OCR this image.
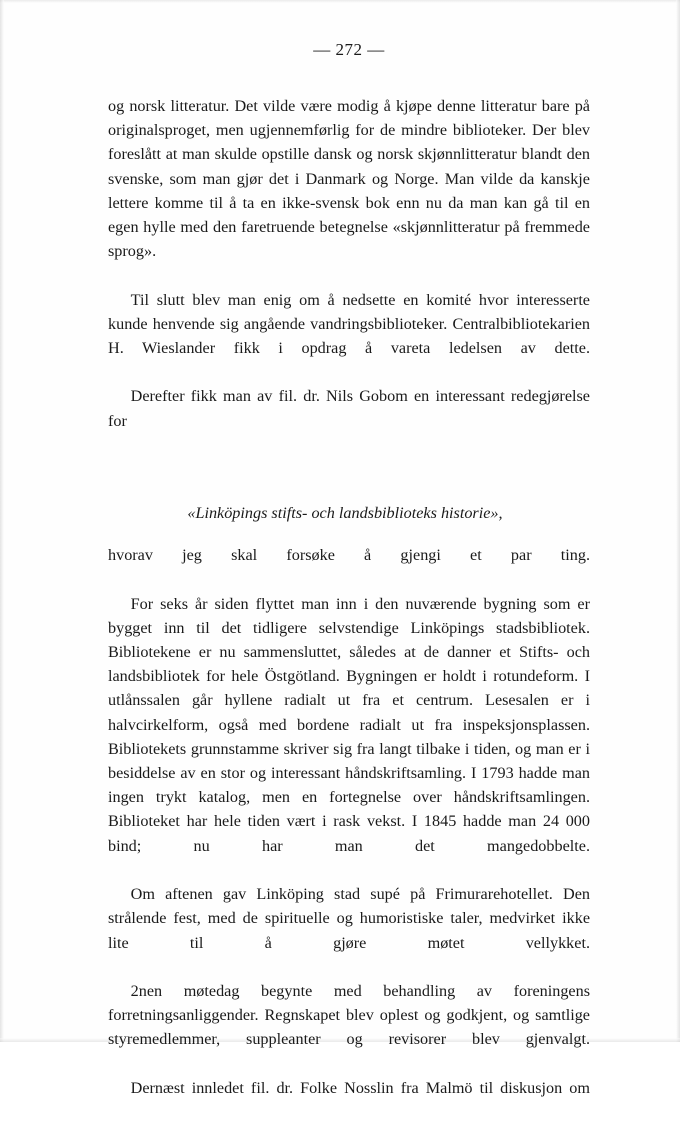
— 272 —

og norsk litteratur. Det vilde være modig å kjøpe denne litteratur bare på originalsproget, men ugjennemførlig for de mindre biblioteker. Der blev foreslått at man skulde opstille dansk og norsk skjønnlitteratur blandt den svenske, som man gjør det i Danmark og Norge. Man vilde da kanskje lettere komme til å ta en ikke-svensk bok enn nu da man kan gå til en egen hylle med den faretruende betegnelse «skjønnlitteratur på fremmede sprog».

Til slutt blev man enig om å nedsette en komité hvor interesserte kunde henvende sig angående vandringsbiblioteker. Centralbibliotekarien H. Wieslander fikk i opdrag å vareta ledelsen av dette.

Derefter fikk man av fil. dr. Nils Gobom en interessant redegjørelse for

«Linköpings stifts- och landsbiblioteks historie»,

hvorav jeg skal forsøke å gjengi et par ting.

For seks år siden flyttet man inn i den nuværende bygning som er bygget inn til det tidligere selvstendige Linköpings stadsbibliotek. Bibliotekene er nu sammensluttet, således at de danner et Stifts- och landsbibliotek for hele Östgötland. Bygningen er holdt i rotundeform. I utlånssalen går hyllene radialt ut fra et centrum. Lesesalen er i halvcirkelform, også med bordene radialt ut fra inspeksjonsplassen. Bibliotekets grunnstamme skriver sig fra langt tilbake i tiden, og man er i besiddelse av en stor og interessant håndskriftsamling. I 1793 hadde man ingen trykt katalog, men en fortegnelse over håndskriftsamlingen. Biblioteket har hele tiden vært i rask vekst. I 1845 hadde man 24 000 bind; nu har man det mangedobbelte.

Om aftenen gav Linköping stad supé på Frimurarehotellet. Den strålende fest, med de spirituelle og humoristiske taler, medvirket ikke lite til å gjøre møtet vellykket.

2nen møtedag begynte med behandling av foreningens forretningsanliggender. Regnskapet blev oplest og godkjent, og samtlige styremedlemmer, suppleanter og revisorer blev gjenvalgt.

Dernæst innledet fil. dr. Folke Nosslin fra Malmö til diskusjon om
